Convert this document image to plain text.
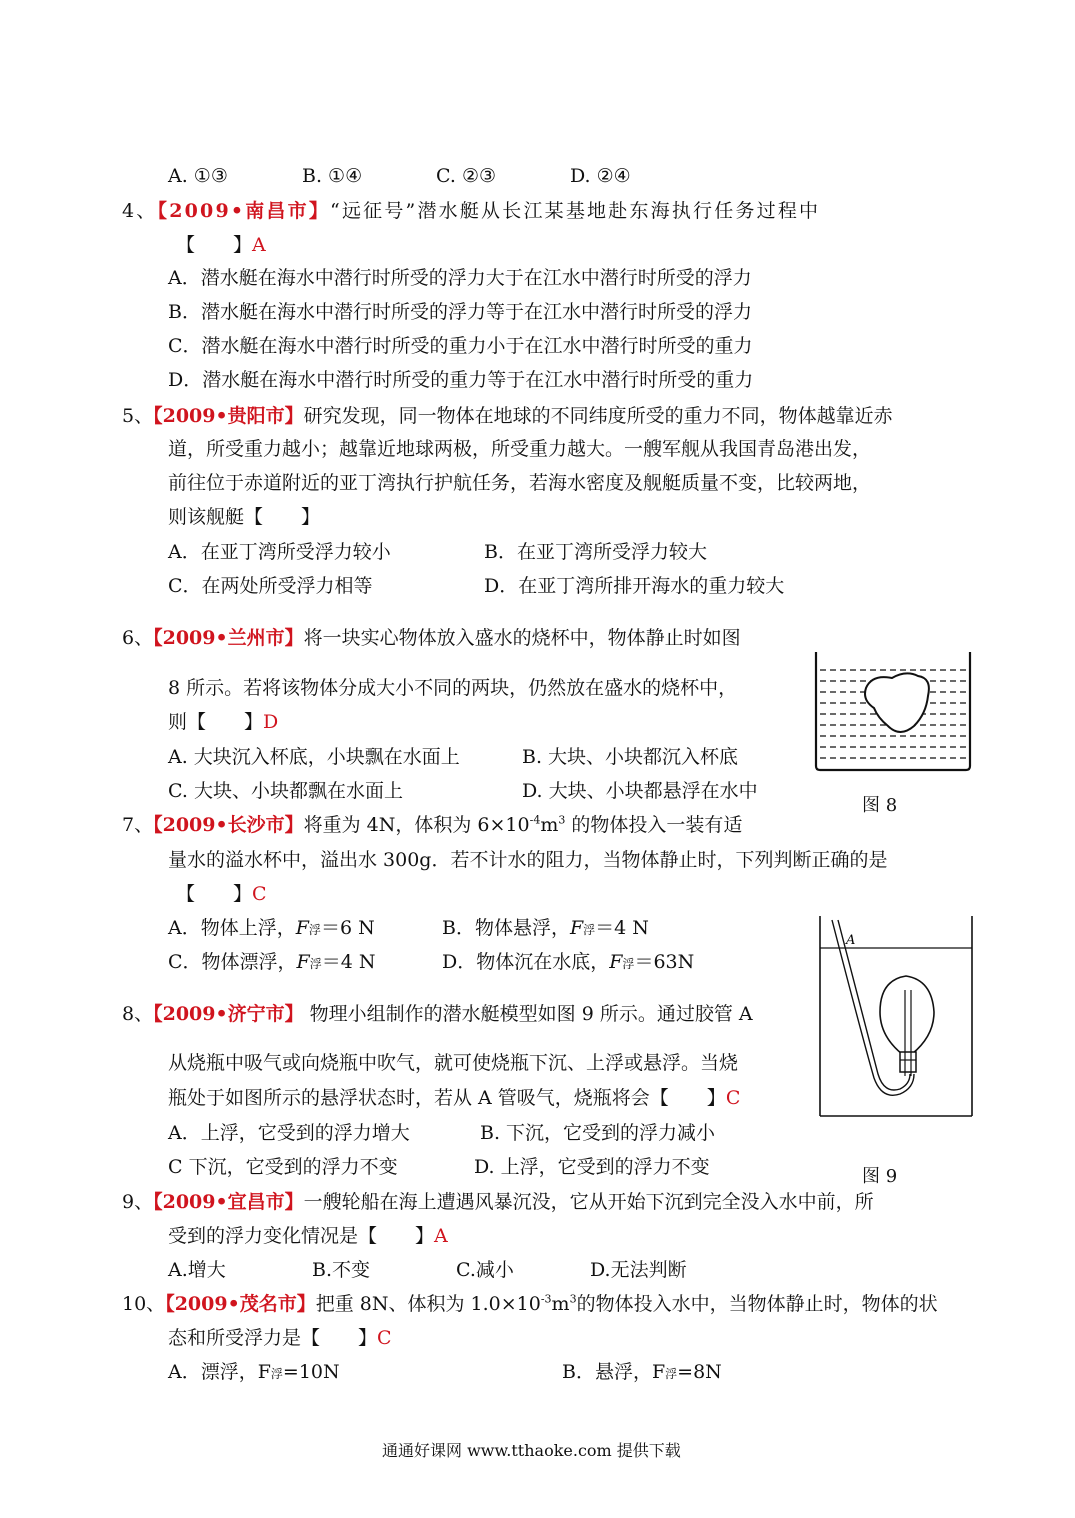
A. ①③	B. ①④	C. ②③	D. ②④
4、【2009•南昌市】“远征号”潜水艇从长江某基地赴东海执行任务过程中
【　　】A
A．潜水艇在海水中潜行时所受的浮力大于在江水中潜行时所受的浮力
B．潜水艇在海水中潜行时所受的浮力等于在江水中潜行时所受的浮力
C．潜水艇在海水中潜行时所受的重力小于在江水中潜行时所受的重力
D．潜水艇在海水中潜行时所受的重力等于在江水中潜行时所受的重力
5、【2009•贵阳市】研究发现，同一物体在地球的不同纬度所受的重力不同，物体越靠近赤
道，所受重力越小；越靠近地球两极，所受重力越大。一艘军舰从我国青岛港出发，
前往位于赤道附近的亚丁湾执行护航任务，若海水密度及舰艇质量不变，比较两地，
则该舰艇【　　】
A．在亚丁湾所受浮力较小	B．在亚丁湾所受浮力较大
C．在两处所受浮力相等	D．在亚丁湾所排开海水的重力较大
6、【2009•兰州市】将一块实心物体放入盛水的烧杯中，物体静止时如图
8 所示。若将该物体分成大小不同的两块，仍然放在盛水的烧杯中，
则【　　】D
A. 大块沉入杯底，小块飘在水面上	B. 大块、小块都沉入杯底
C. 大块、小块都飘在水面上	D. 大块、小块都悬浮在水中
图 8
7、【2009•长沙市】将重为 4N，体积为 $6\times 10^{-4}m^3$ 的物体投入一装有适
量水的溢水杯中，溢出水 300g．若不计水的阻力，当物体静止时，下列判断正确的是
【　　】C
A．物体上浮，F浮＝6 N	B．物体悬浮，F浮＝4 N
C．物体漂浮，F浮＝4 N	D．物体沉在水底，F浮＝63N
A
图 9
8、【2009•济宁市】 物理小组制作的潜水艇模型如图 9 所示。通过胶管 A
从烧瓶中吸气或向烧瓶中吹气，就可使烧瓶下沉、上浮或悬浮。当烧
瓶处于如图所示的悬浮状态时，若从 A 管吸气，烧瓶将会【　　】C
A．上浮，它受到的浮力增大	B. 下沉，它受到的浮力减小
C 下沉，它受到的浮力不变	D. 上浮，它受到的浮力不变
9、【2009•宜昌市】一艘轮船在海上遭遇风暴沉没，它从开始下沉到完全没入水中前，所
受到的浮力变化情况是【　　】A
A.增大	B.不变	C.减小	D.无法判断
10、【2009•茂名市】把重 8N、体积为 $1.0\times 10^{-3}m^3$的物体投入水中，当物体静止时，物体的状
态和所受浮力是【　　】C
A．漂浮，F浮=10N	B．悬浮，F浮=8N
通通好课网 www.tthaoke.com 提供下载
